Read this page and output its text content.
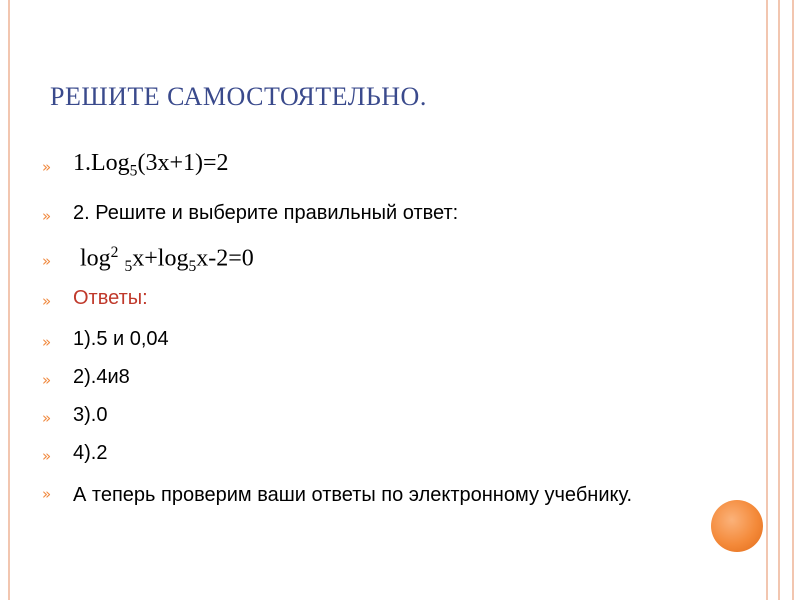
РЕШИТЕ САМОСТОЯТЕЛЬНО.
» 1.Log$_5$(3x+1)=2
» 2. Решите и выберите правильный ответ:
» $\log^2 _5x+\log_5x-2=0$
» Ответы:
» 1).5 и 0,04
» 2).4и8
» 3).0
» 4).2
» А теперь проверим ваши ответы по электронному учебнику.
